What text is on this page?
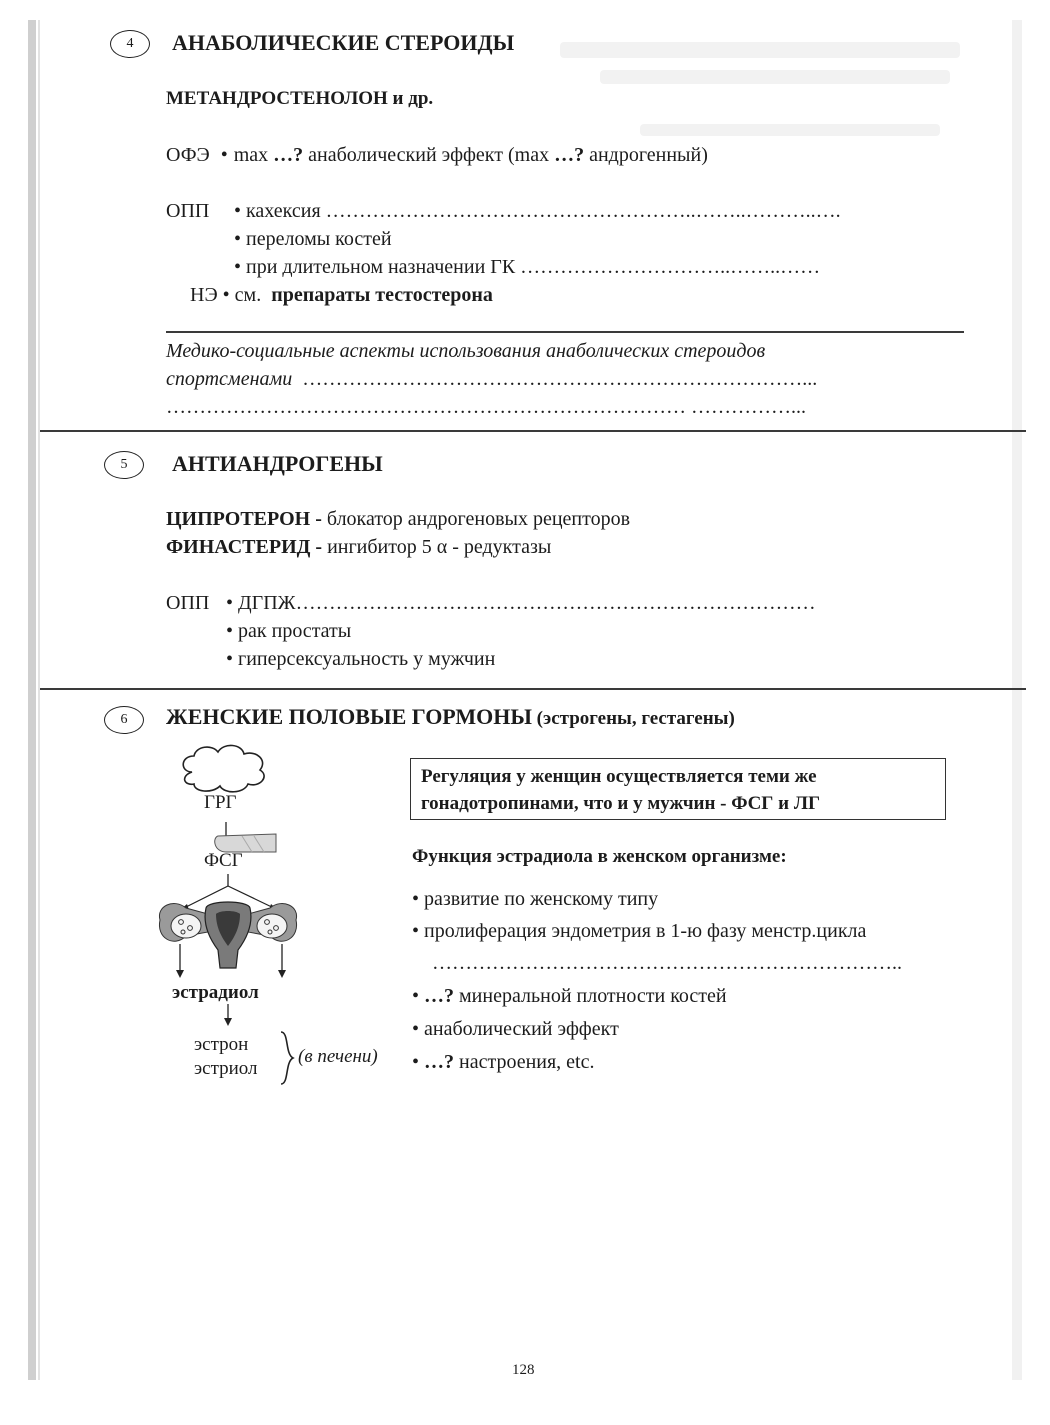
4	АНАБОЛИЧЕСКИЕ СТЕРОИДЫ
МЕТАНДРОСТЕНОЛОН и др.
ОФЭ • max …? анаболический эффект (max …? андрогенный)
ОПП • кахексия ………………………………………………..……..………..….
• переломы костей
• при длительном назначении ГК …………………………..……..……
НЭ • см. препараты тестостерона
Медико-социальные аспекты использования анаболических стероидов
спортсменами …………………………………………………………………...
…………………………………………………………………… ……………...
5	АНТИАНДРОГЕНЫ
ЦИПРОТЕРОН - блокатор андрогеновых рецепторов
ФИНАСТЕРИД - ингибитор 5 α - редуктазы
ОПП • ДГПЖ……………………………………………………………………
• рак простаты
• гиперсексуальность у мужчин
6	ЖЕНСКИЕ ПОЛОВЫЕ ГОРМОНЫ (эстрогены, гестагены)
ГРГ
ФСГ
эстрадиол
эстрон
эстриол
(в печени)
Регуляция у женщин осуществляется теми же
гонадотропинами, что и у мужчин - ФСГ и ЛГ
Функция эстрадиола в женском организме:
• развитие по женскому типу
• пролиферация эндометрия в 1-ю фазу менстр.цикла
……………………………………………………………..
• …? минеральной плотности костей
• анаболический эффект
• …? настроения, etc.
128
